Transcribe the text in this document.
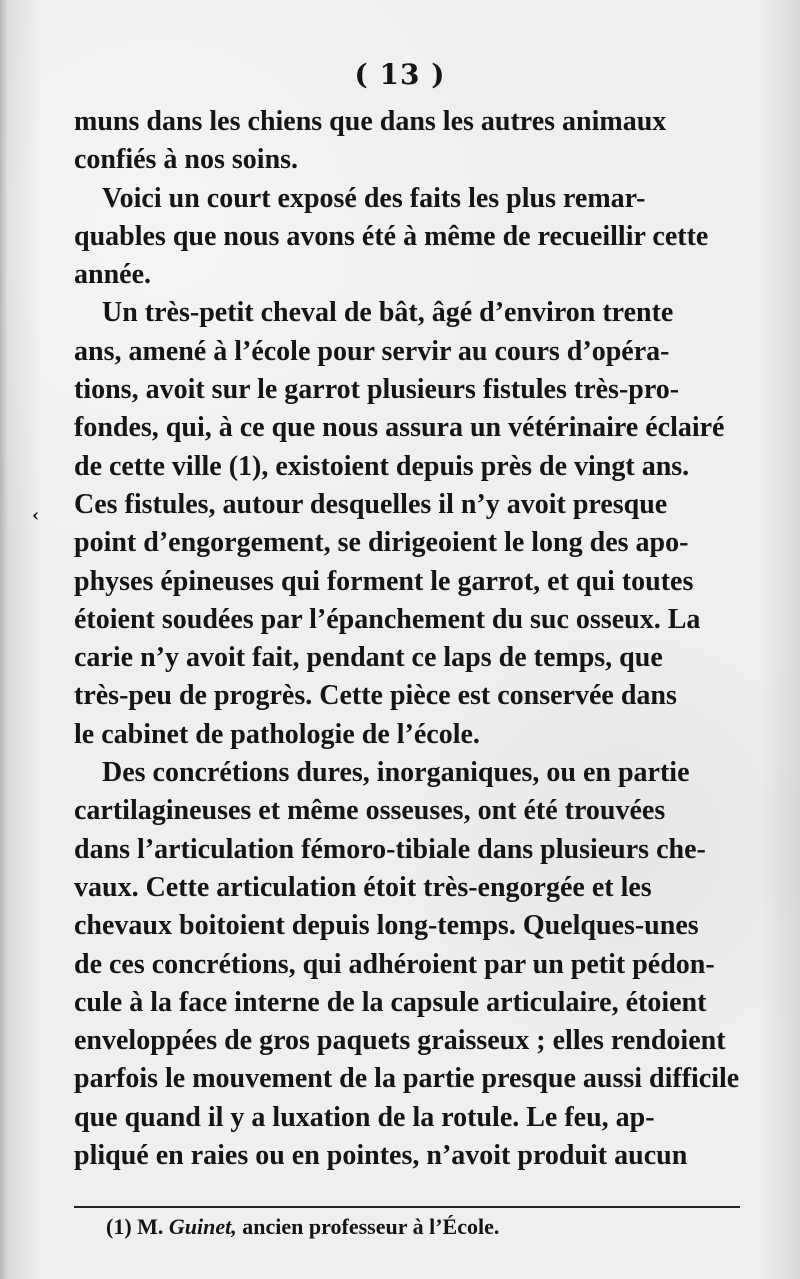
( 13 )
‹
muns dans les chiens que dans les autres animaux
confiés à nos soins.
Voici un court exposé des faits les plus remar-
quables que nous avons été à même de recueillir cette
année.
Un très-petit cheval de bât, âgé d’environ trente
ans, amené à l’école pour servir au cours d’opéra-
tions, avoit sur le garrot plusieurs fistules très-pro-
fondes, qui, à ce que nous assura un vétérinaire éclairé
de cette ville (1), existoient depuis près de vingt ans.
Ces fistules, autour desquelles il n’y avoit presque
point d’engorgement, se dirigeoient le long des apo-
physes épineuses qui forment le garrot, et qui toutes
étoient soudées par l’épanchement du suc osseux. La
carie n’y avoit fait, pendant ce laps de temps, que
très-peu de progrès. Cette pièce est conservée dans
le cabinet de pathologie de l’école.
Des concrétions dures, inorganiques, ou en partie
cartilagineuses et même osseuses, ont été trouvées
dans l’articulation fémoro-tibiale dans plusieurs che-
vaux. Cette articulation étoit très-engorgée et les
chevaux boitoient depuis long-temps. Quelques-unes
de ces concrétions, qui adhéroient par un petit pédon-
cule à la face interne de la capsule articulaire, étoient
enveloppées de gros paquets graisseux ; elles rendoient
parfois le mouvement de la partie presque aussi difficile
que quand il y a luxation de la rotule. Le feu, ap-
pliqué en raies ou en pointes, n’avoit produit aucun
(1) M. Guinet, ancien professeur à l’École.
